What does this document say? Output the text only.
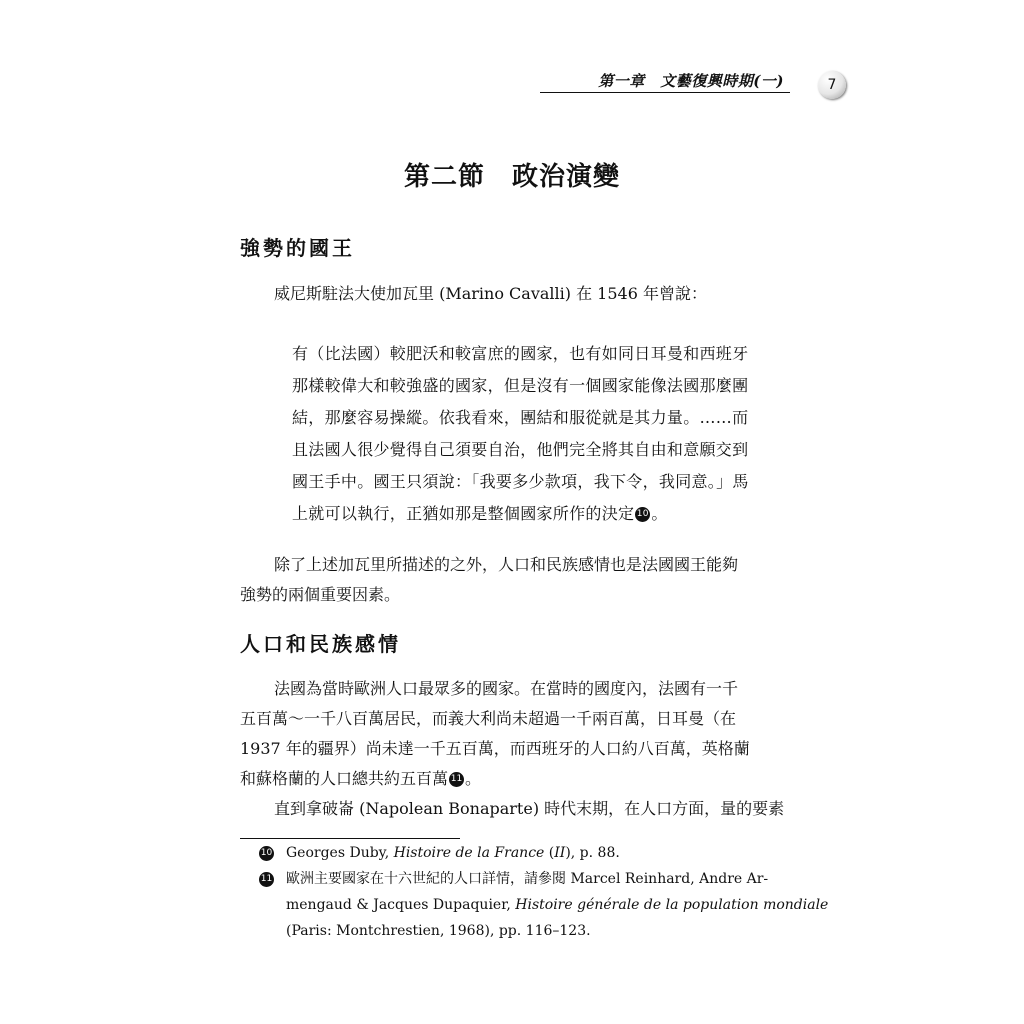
第一章　文藝復興時期(一)	7
第二節　政治演變
強勢的國王
威尼斯駐法大使加瓦里 (Marino Cavalli) 在 1546 年曾說：
有（比法國）較肥沃和較富庶的國家，也有如同日耳曼和西班牙
那樣較偉大和較強盛的國家，但是沒有一個國家能像法國那麼團
結，那麼容易操縱。依我看來，團結和服從就是其力量。……而
且法國人很少覺得自己須要自治，他們完全將其自由和意願交到
國王手中。國王只須說：「我要多少款項，我下令，我同意。」馬
上就可以執行，正猶如那是整個國家所作的決定 10 。
除了上述加瓦里所描述的之外，人口和民族感情也是法國國王能夠
強勢的兩個重要因素。
人口和民族感情
法國為當時歐洲人口最眾多的國家。在當時的國度內，法國有一千
五百萬～一千八百萬居民，而義大利尚未超過一千兩百萬，日耳曼（在
1937 年的疆界）尚未達一千五百萬，而西班牙的人口約八百萬，英格蘭
和蘇格蘭的人口總共約五百萬 11 。
直到拿破崙 (Napolean Bonaparte) 時代末期，在人口方面，量的要素
10 Georges Duby, Histoire de la France (II), p. 88.
11 歐洲主要國家在十六世紀的人口詳情，請參閱 Marcel Reinhard, Andre Ar-
mengaud & Jacques Dupaquier, Histoire générale de la population mondiale
(Paris: Montchrestien, 1968), pp. 116–123.
